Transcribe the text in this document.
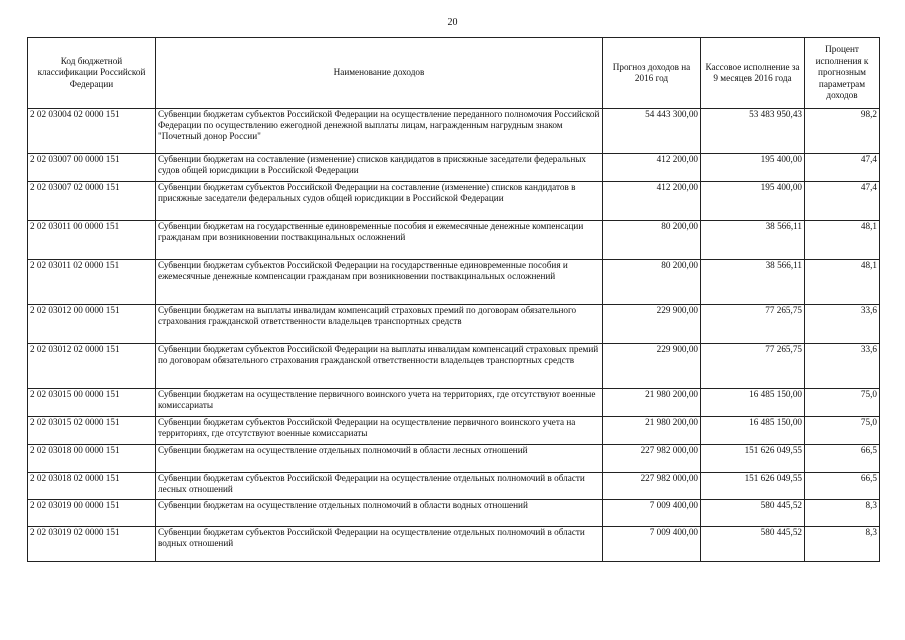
20
Код бюджетной классификации Российской Федерации	Наименование доходов	Прогноз доходов на 2016 год	Кассовое исполнение за 9 месяцев 2016 года	Процент исполнения к прогнозным параметрам доходов
2 02 03004 02 0000 151	Субвенции бюджетам субъектов Российской Федерации на осуществление переданного полномочия Российской Федерации по осуществлению ежегодной денежной выплаты лицам, награжденным нагрудным знаком "Почетный донор России"	54 443 300,00	53 483 950,43	98,2
2 02 03007 00 0000 151	Субвенции бюджетам на составление (изменение) списков кандидатов в присяжные заседатели федеральных судов общей юрисдикции в Российской Федерации	412 200,00	195 400,00	47,4
2 02 03007 02 0000 151	Субвенции бюджетам субъектов Российской Федерации на составление (изменение) списков кандидатов в присяжные заседатели федеральных судов общей юрисдикции в Российской Федерации	412 200,00	195 400,00	47,4
2 02 03011 00 0000 151	Субвенции бюджетам на государственные единовременные пособия и ежемесячные денежные компенсации гражданам при возникновении поствакцинальных осложнений	80 200,00	38 566,11	48,1
2 02 03011 02 0000 151	Субвенции бюджетам субъектов Российской Федерации на государственные единовременные пособия и ежемесячные денежные компенсации гражданам при возникновении поствакцинальных осложнений	80 200,00	38 566,11	48,1
2 02 03012 00 0000 151	Субвенции бюджетам на выплаты инвалидам компенсаций страховых премий по договорам обязательного страхования гражданской ответственности владельцев транспортных средств	229 900,00	77 265,75	33,6
2 02 03012 02 0000 151	Субвенции бюджетам субъектов Российской Федерации на выплаты инвалидам компенсаций страховых премий по договорам обязательного страхования гражданской ответственности владельцев транспортных средств	229 900,00	77 265,75	33,6
2 02 03015 00 0000 151	Субвенции бюджетам на осуществление первичного воинского учета на территориях, где отсутствуют военные комиссариаты	21 980 200,00	16 485 150,00	75,0
2 02 03015 02 0000 151	Субвенции бюджетам субъектов Российской Федерации на осуществление первичного воинского учета на территориях, где отсутствуют военные комиссариаты	21 980 200,00	16 485 150,00	75,0
2 02 03018 00 0000 151	Субвенции бюджетам на осуществление отдельных полномочий в области лесных отношений	227 982 000,00	151 626 049,55	66,5
2 02 03018 02 0000 151	Субвенции бюджетам субъектов Российской Федерации на осуществление отдельных полномочий в области лесных отношений	227 982 000,00	151 626 049,55	66,5
2 02 03019 00 0000 151	Субвенции бюджетам на осуществление отдельных полномочий в области водных отношений	7 009 400,00	580 445,52	8,3
2 02 03019 02 0000 151	Субвенции бюджетам субъектов Российской Федерации на осуществление отдельных полномочий в области водных отношений	7 009 400,00	580 445,52	8,3
